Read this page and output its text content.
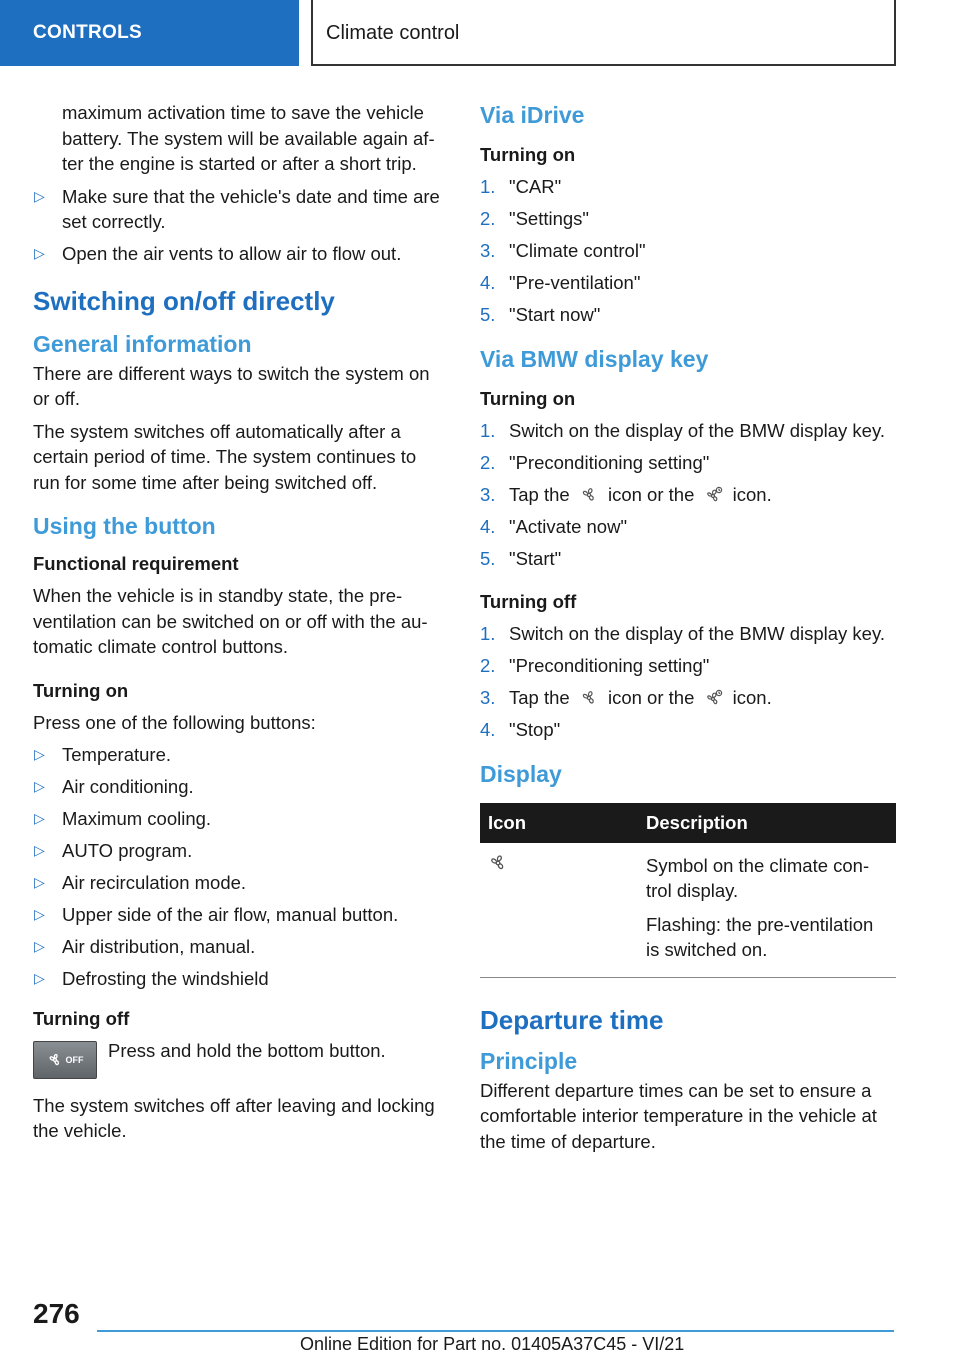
CONTROLS	Climate control

maximum activation time to save the vehicle battery. The system will be available again after the engine is started or after a short trip.

▷ Make sure that the vehicle's date and time are set correctly.
▷ Open the air vents to allow air to flow out.
Switching on/off directly
General information

There are different ways to switch the system on or off.

The system switches off automatically after a certain period of time. The system continues to run for some time after being switched off.

Using the button
Functional requirement

When the vehicle is in standby state, the preventilation can be switched on or off with the automatic climate control buttons.

Turning on

Press one of the following buttons:

▷ Temperature.
▷ Air conditioning.
▷ Maximum cooling.
▷ AUTO program.
▷ Air recirculation mode.
▷ Upper side of the air flow, manual button.
▷ Air distribution, manual.
▷ Defrosting the windshield
Turning off
OFF	Press and hold the bottom button.

The system switches off after leaving and locking the vehicle.

Via iDrive
Turning on
1. "CAR"
2. "Settings"
3. "Climate control"
4. "Pre-ventilation"
5. "Start now"
Via BMW display key
Turning on
1. Switch on the display of the BMW display key.
2. "Preconditioning setting"
3. Tap the icon or the icon.
4. "Activate now"
5. "Start"
Turning off
1. Switch on the display of the BMW display key.
2. "Preconditioning setting"
3. Tap the icon or the icon.
4. "Stop"
Display
Icon	Description

Symbol on the climate control display.

Flashing: the pre-ventilation is switched on.

Departure time
Principle

Different departure times can be set to ensure a comfortable interior temperature in the vehicle at the time of departure.

276
Online Edition for Part no. 01405A37C45 - VI/21
